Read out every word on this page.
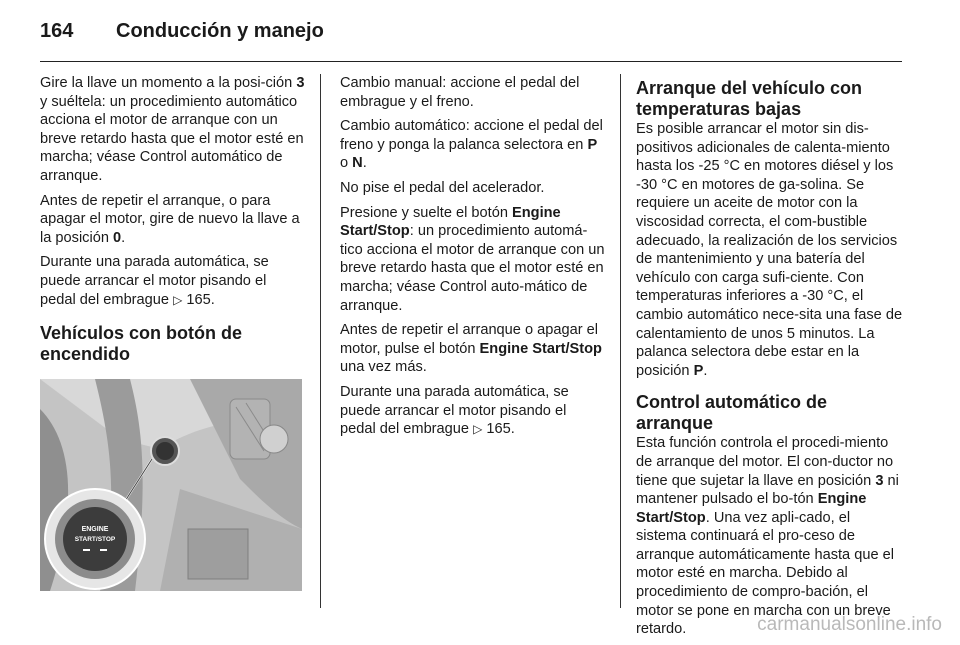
164 Conducción y manejo

Gire la llave un momento a la posi-ción 3 y suéltela: un procedimiento automático acciona el motor de arranque con un breve retardo hasta que el motor esté en marcha; véase Control automático de arranque.

Antes de repetir el arranque, o para apagar el motor, gire de nuevo la llave a la posición 0.

Durante una parada automática, se puede arrancar el motor pisando el pedal del embrague ▷ 165.

Vehículos con botón de encendido
ENGINE
START/STOP

Cambio manual: accione el pedal del embrague y el freno.

Cambio automático: accione el pedal del freno y ponga la palanca selectora en P o N.

No pise el pedal del acelerador.

Presione y suelte el botón Engine Start/Stop: un procedimiento automá-tico acciona el motor de arranque con un breve retardo hasta que el motor esté en marcha; véase Control auto-mático de arranque.

Antes de repetir el arranque o apagar el motor, pulse el botón Engine Start/Stop una vez más.

Durante una parada automática, se puede arrancar el motor pisando el pedal del embrague ▷ 165.

Arranque del vehículo con temperaturas bajas

Es posible arrancar el motor sin dis-positivos adicionales de calenta-miento hasta los -25 °C en motores diésel y los -30 °C en motores de ga-solina. Se requiere un aceite de motor con la viscosidad correcta, el com-bustible adecuado, la realización de los servicios de mantenimiento y una batería del vehículo con carga sufi-ciente. Con temperaturas inferiores a -30 °C, el cambio automático nece-sita una fase de calentamiento de unos 5 minutos. La palanca selectora debe estar en la posición P.

Control automático de arranque

Esta función controla el procedi-miento de arranque del motor. El con-ductor no tiene que sujetar la llave en posición 3 ni mantener pulsado el bo-tón Engine Start/Stop. Una vez apli-cado, el sistema continuará el pro-ceso de arranque automáticamente hasta que el motor esté en marcha. Debido al procedimiento de compro-bación, el motor se pone en marcha con un breve retardo.	carmanualsonline.info
